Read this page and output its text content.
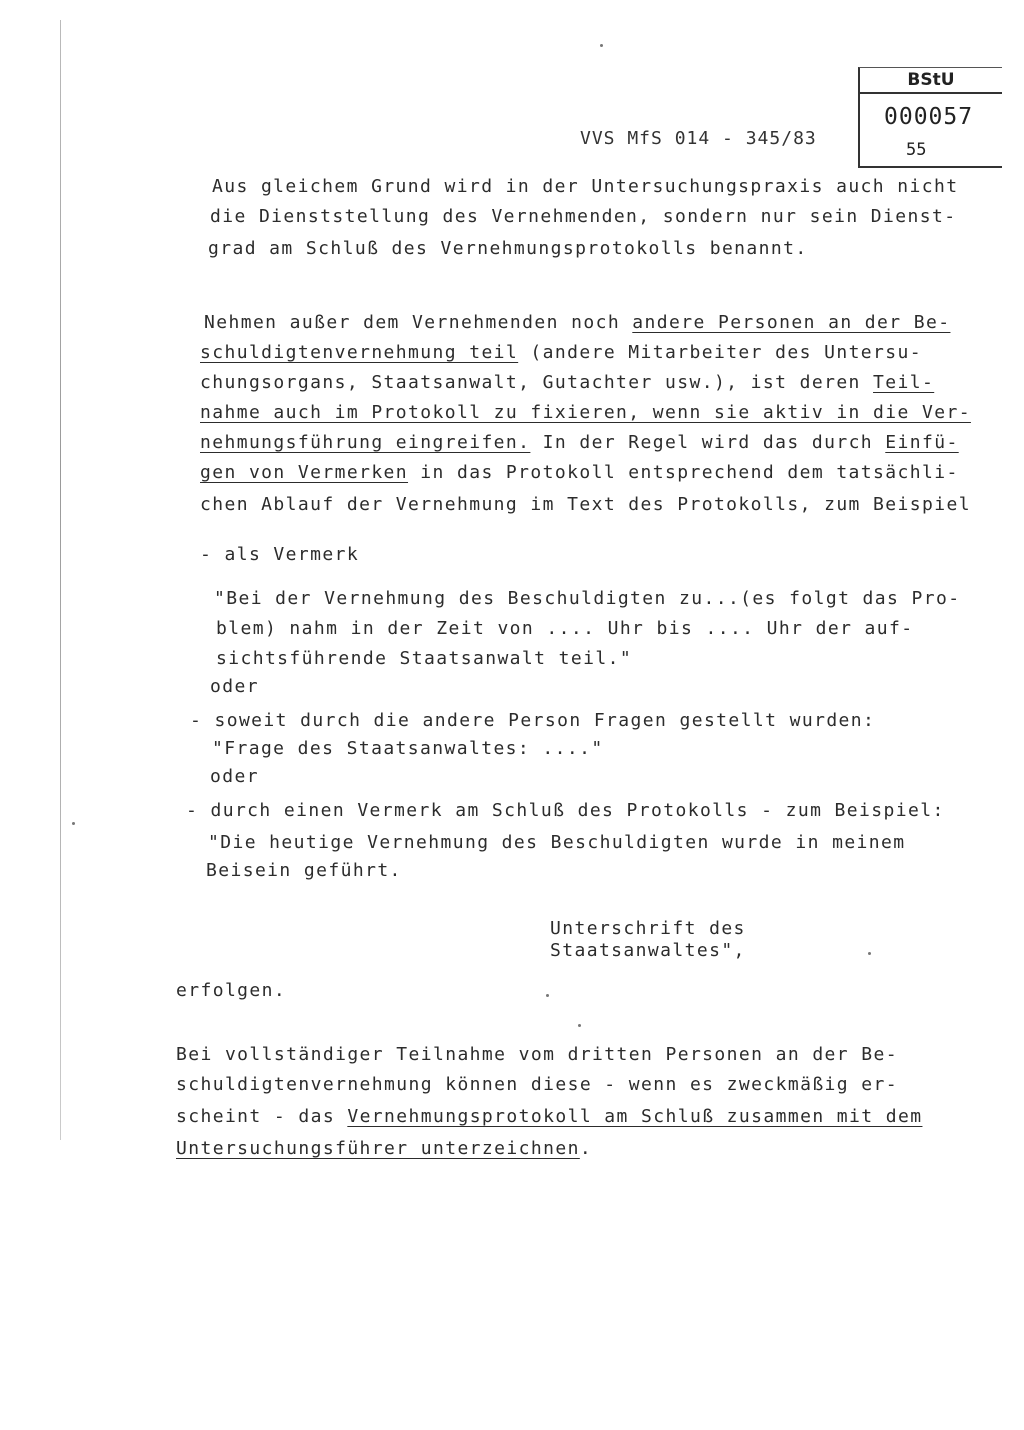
BStU
000057
55
VVS MfS 014 - 345/83
Aus gleichem Grund wird in der Untersuchungspraxis auch nicht
die Dienststellung des Vernehmenden, sondern nur sein Dienst-
grad am Schluß des Vernehmungsprotokolls benannt.
Nehmen außer dem Vernehmenden noch andere Personen an der Be-
schuldigtenvernehmung teil (andere Mitarbeiter des Untersu-
chungsorgans, Staatsanwalt, Gutachter usw.), ist deren Teil-
nahme auch im Protokoll zu fixieren, wenn sie aktiv in die Ver-
nehmungsführung eingreifen. In der Regel wird das durch Einfü-
gen von Vermerken in das Protokoll entsprechend dem tatsächli-
chen Ablauf der Vernehmung im Text des Protokolls, zum Beispiel
- als Vermerk
"Bei der Vernehmung des Beschuldigten zu...(es folgt das Pro-
blem) nahm in der Zeit von .... Uhr bis .... Uhr der auf-
sichtsführende Staatsanwalt teil."
oder
- soweit durch die andere Person Fragen gestellt wurden:
"Frage des Staatsanwaltes: ...."
oder
- durch einen Vermerk am Schluß des Protokolls - zum Beispiel:
"Die heutige Vernehmung des Beschuldigten wurde in meinem
Beisein geführt.
Unterschrift des
Staatsanwaltes",
erfolgen.
Bei vollständiger Teilnahme vom dritten Personen an der Be-
schuldigtenvernehmung können diese - wenn es zweckmäßig er-
scheint - das Vernehmungsprotokoll am Schluß zusammen mit dem
Untersuchungsführer unterzeichnen.
